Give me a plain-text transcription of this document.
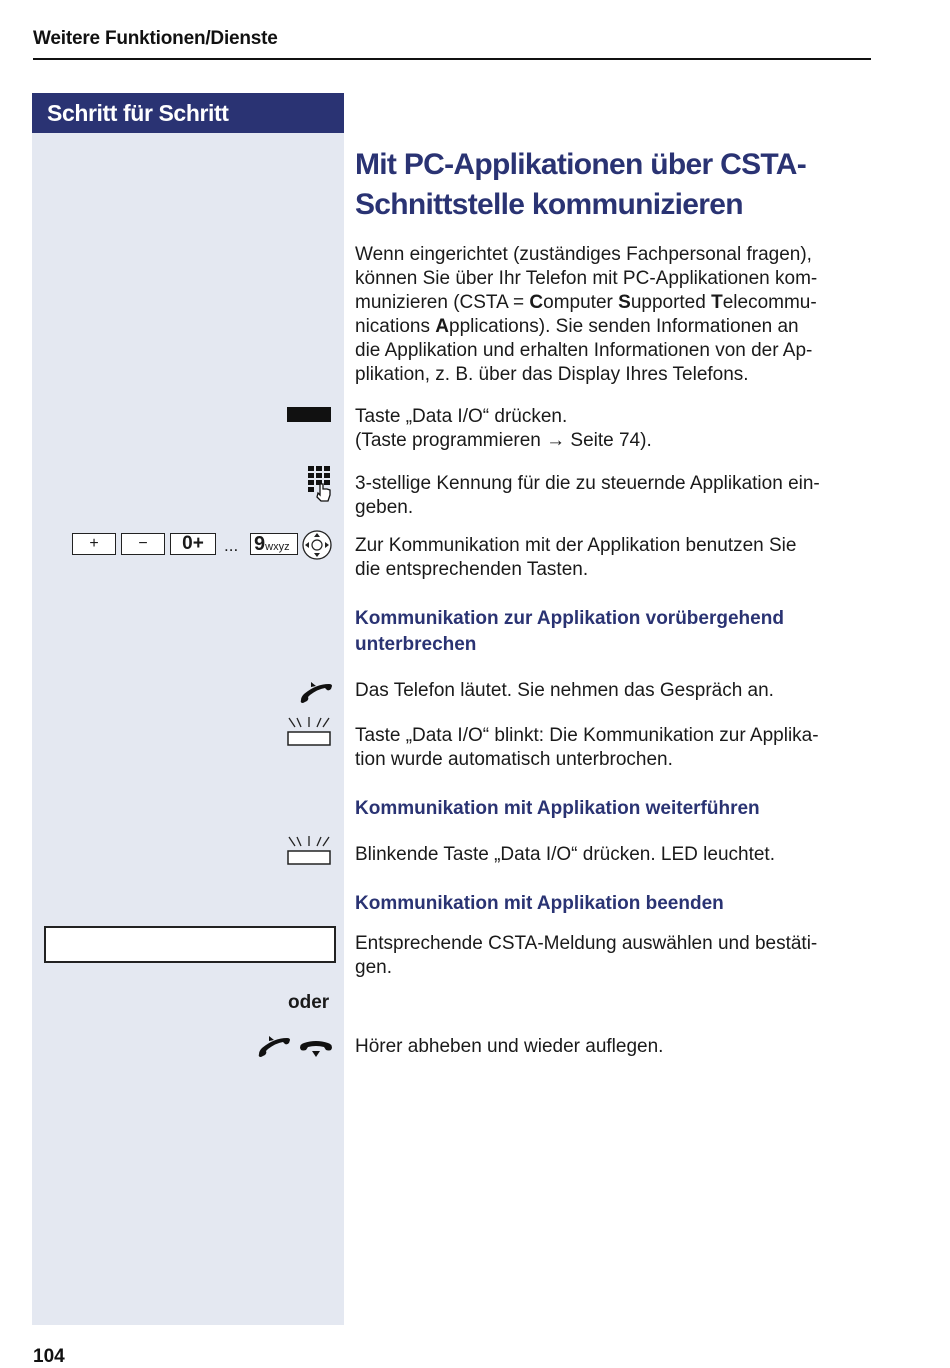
Weitere Funktionen/Dienste
Schritt für Schritt
Mit PC-Applikationen über CSTA-Schnittstelle kommunizieren
Wenn eingerichtet (zuständiges Fachpersonal fragen),
können Sie über Ihr Telefon mit PC-Applikationen kom-
munizieren (CSTA = Computer Supported Telecommu-
nications Applications). Sie senden Informationen an
die Applikation und erhalten Informationen von der Ap-
plikation, z. B. über das Display Ihres Telefons.
Taste „Data I/O“ drücken.
(Taste programmieren → Seite 74).
3-stellige Kennung für die zu steuernde Applikation ein-
geben.
+	−	0+	... 9wxyz	Zur Kommunikation mit der Applikation benutzen Sie
die entsprechenden Tasten.
Kommunikation zur Applikation vorübergehend
unterbrechen
Das Telefon läutet. Sie nehmen das Gespräch an.
Taste „Data I/O“ blinkt: Die Kommunikation zur Applika-
tion wurde automatisch unterbrochen.
Kommunikation mit Applikation weiterführen
Blinkende Taste „Data I/O“ drücken. LED leuchtet.
Kommunikation mit Applikation beenden
Entsprechende CSTA-Meldung auswählen und bestäti-
gen.
oder
Hörer abheben und wieder auflegen.
104
